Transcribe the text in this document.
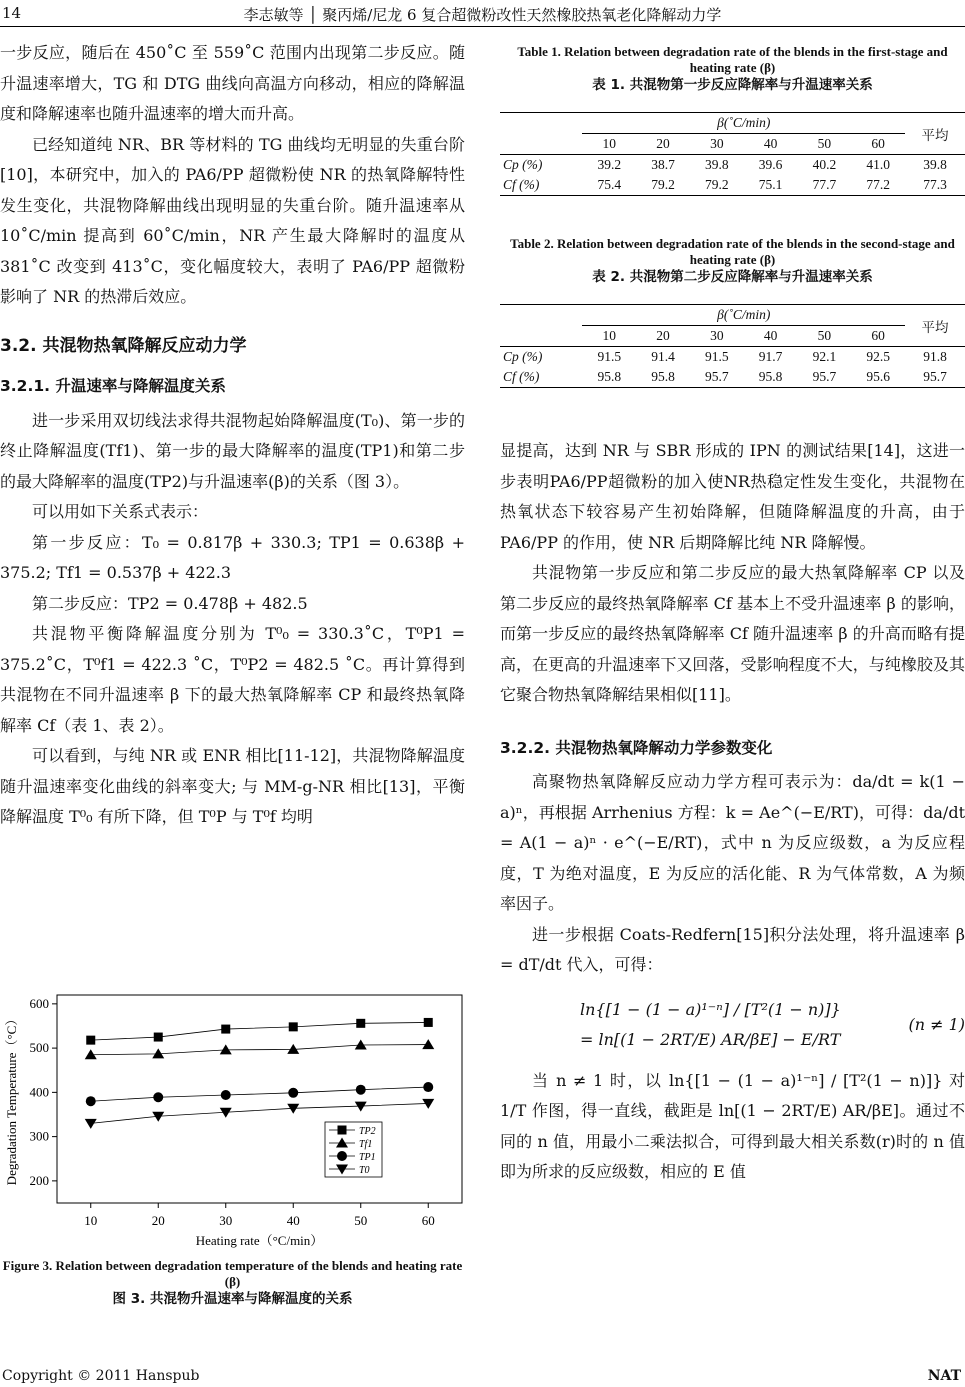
14	李志敏等 │ 聚丙烯/尼龙 6 复合超微粉改性天然橡胶热氧老化降解动力学

一步反应，随后在 450˚C 至 559˚C 范围内出现第二步反应。随升温速率增大，TG 和 DTG 曲线向高温方向移动，相应的降解温度和降解速率也随升温速率的增大而升高。

已经知道纯 NR、BR 等材料的 TG 曲线均无明显的失重台阶[10]，本研究中，加入的 PA6/PP 超微粉使 NR 的热氧降解特性发生变化，共混物降解曲线出现明显的失重台阶。随升温速率从 10˚C/min 提高到 60˚C/min，NR 产生最大降解时的温度从 381˚C 改变到 413˚C，变化幅度较大，表明了 PA6/PP 超微粉影响了 NR 的热滞后效应。

3.2. 共混物热氧降解反应动力学
3.2.1. 升温速率与降解温度关系

进一步采用双切线法求得共混物起始降解温度(T₀)、第一步的终止降解温度(Tf1)、第一步的最大降解率的温度(TP1)和第二步的最大降解率的温度(TP2)与升温速率(β)的关系（图 3）。

可以用如下关系式表示：

第一步反应：T₀ = 0.817β + 330.3; TP1 = 0.638β + 375.2; Tf1 = 0.537β + 422.3

第二步反应：TP2 = 0.478β + 482.5

共混物平衡降解温度分别为 T⁰₀ = 330.3˚C，T⁰P1 = 375.2˚C，T⁰f1 = 422.3 ˚C，T⁰P2 = 482.5 ˚C。再计算得到共混物在不同升温速率 β 下的最大热氧降解率 CP 和最终热氧降解率 Cf（表 1、表 2）。

可以看到，与纯 NR 或 ENR 相比[11-12]，共混物降解温度随升温速率变化曲线的斜率变大; 与 MM-g-NR 相比[13]，平衡降解温度 T⁰₀ 有所下降，但 T⁰P 与 T⁰f 均明

10	20	30	40	50	60
200
300
400
500
600
Heating rate（°C/min）
Degradation Temperature（°C）	TP2
Tf1
TP1
T0
Figure 3. Relation between degradation temperature of the blends and heating rate (β)
图 3. 共混物升温速率与降解温度的关系
Table 1. Relation between degradation rate of the blends in the first-stage and heating rate (β)
表 1. 共混物第一步反应降解率与升温速率关系
	β(˚C/min)						平均
	10	20	30	40	50	60	
Cp (%)	39.2	38.7	39.8	39.6	40.2	41.0	39.8
Cf (%)	75.4	79.2	79.2	75.1	77.7	77.2	77.3
Table 2. Relation between degradation rate of the blends in the second-stage and heating rate (β)
表 2. 共混物第二步反应降解率与升温速率关系
	β(˚C/min)						平均
	10	20	30	40	50	60	
Cp (%)	91.5	91.4	91.5	91.7	92.1	92.5	91.8
Cf (%)	95.8	95.8	95.7	95.8	95.7	95.6	95.7

显提高，达到 NR 与 SBR 形成的 IPN 的测试结果[14]，这进一步表明PA6/PP超微粉的加入使NR热稳定性发生变化，共混物在热氧状态下较容易产生初始降解，但随降解温度的升高，由于 PA6/PP 的作用，使 NR 后期降解比纯 NR 降解慢。

共混物第一步反应和第二步反应的最大热氧降解率 CP 以及第二步反应的最终热氧降解率 Cf 基本上不受升温速率 β 的影响，而第一步反应的最终热氧降解率 Cf 随升温速率 β 的升高而略有提高，在更高的升温速率下又回落，受影响程度不大，与纯橡胶及其它聚合物热氧降解结果相似[11]。

3.2.2. 共混物热氧降解动力学参数变化

高聚物热氧降解反应动力学方程可表示为：da/dt = k(1 − a)ⁿ，再根据 Arrhenius 方程：k = Ae^(−E/RT)，可得：da/dt = A(1 − a)ⁿ · e^(−E/RT)，式中 n 为反应级数，a 为反应程度，T 为绝对温度，E 为反应的活化能、R 为气体常数，A 为频率因子。

进一步根据 Coats-Redfern[15]积分法处理，将升温速率 β = dT/dt 代入，可得：

ln{[1 − (1 − a)¹⁻ⁿ] / [T²(1 − n)]}
= ln[(1 − 2RT/E) AR/βE] − E/RT
(n ≠ 1)

当 n ≠ 1 时，以 ln{[1 − (1 − a)¹⁻ⁿ] / [T²(1 − n)]} 对 1/T 作图，得一直线，截距是 ln[(1 − 2RT/E) AR/βE]。通过不同的 n 值，用最小二乘法拟合，可得到最大相关系数(r)时的 n 值即为所求的反应级数，相应的 E 值

Copyright © 2011 Hanspub	NAT
